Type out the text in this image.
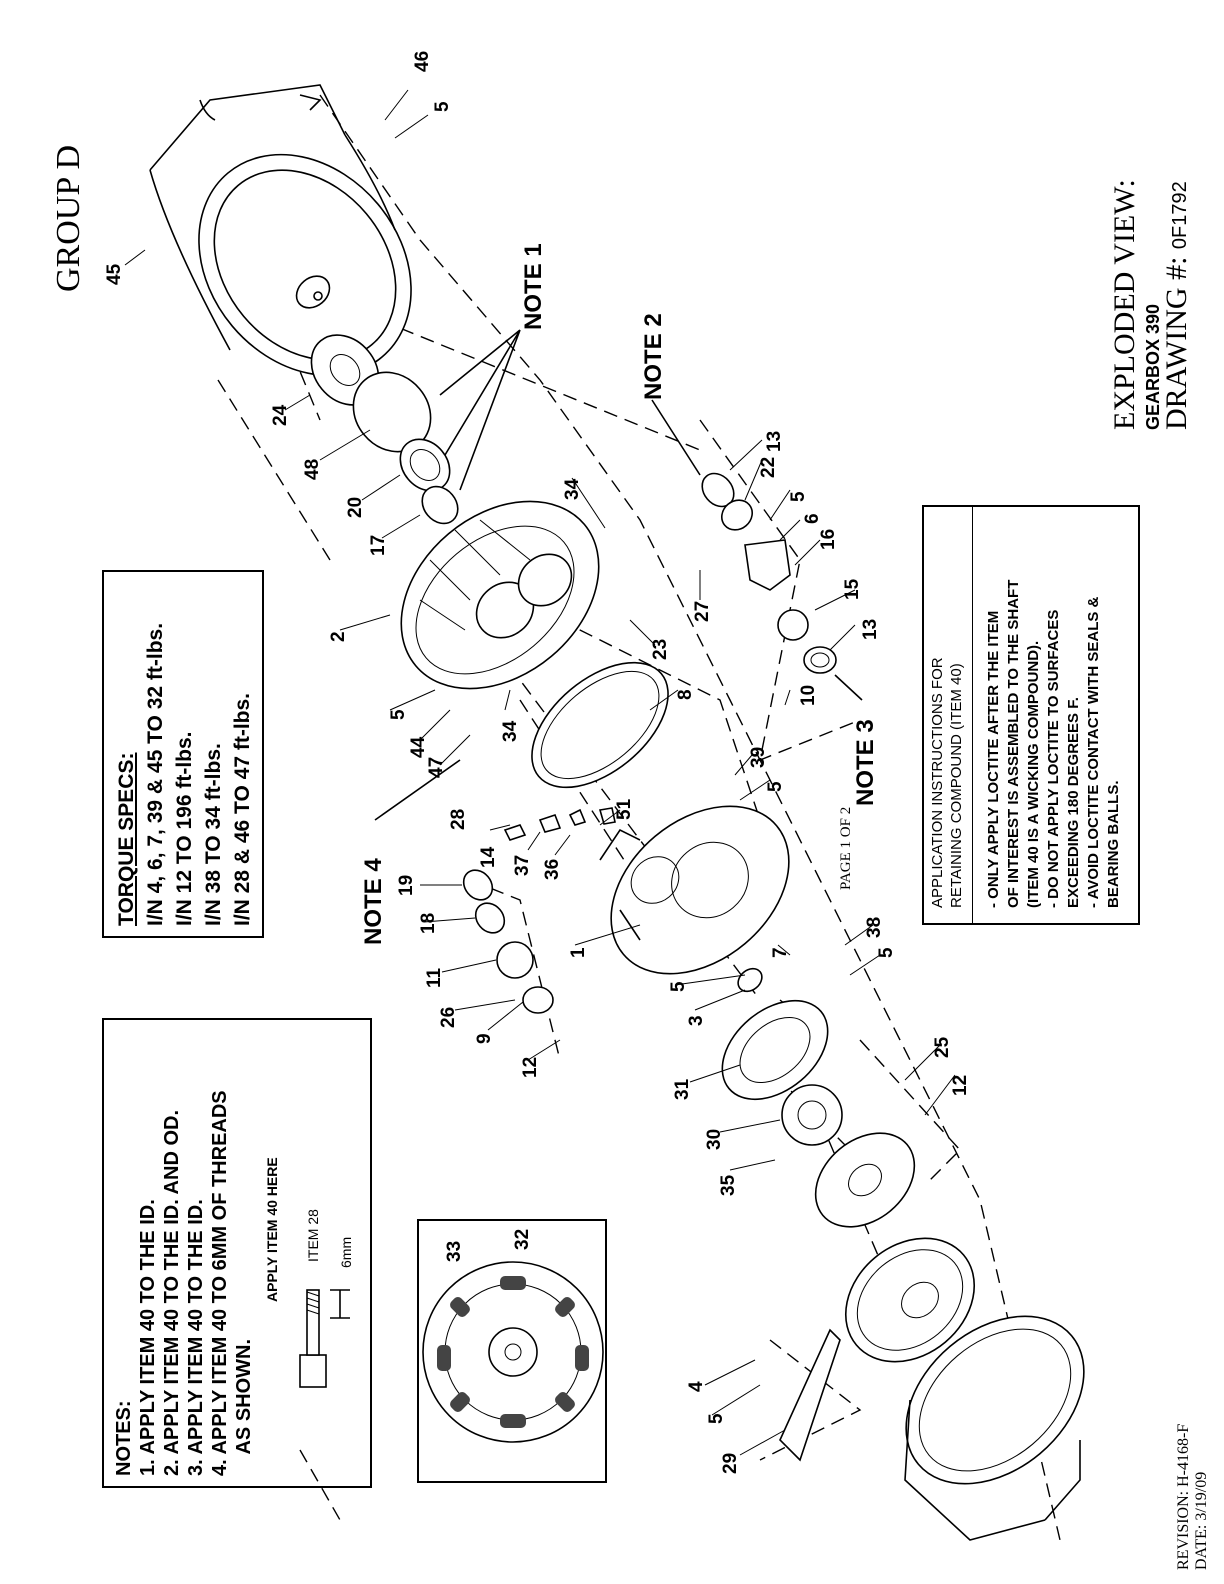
EXPLODED VIEW: GEARBOX 390
DRAWING #: 0F1792
GROUP D
PAGE 1 OF 2
REVISION: H-4168-F DATE: 3/19/09
TORQUE SPECS: I/N 4, 6, 7, 39 & 45 TO 32 ft-lbs. I/N 12 TO 196 ft-lbs. I/N 38 TO 34 ft-lbs. I/N 28 & 46 TO 47 ft-lbs.
NOTES: 1. APPLY ITEM 40 TO THE ID. 2. APPLY ITEM 40 TO THE ID. AND OD. 3. APPLY ITEM 40 TO THE ID. 4. APPLY ITEM 40 TO 6MM OF THREADS AS SHOWN.
APPLY ITEM 40 HERE ITEM 28 6mm
APPLICATION INSTRUCTIONS FOR RETAINING COMPOUND (ITEM 40) - ONLY APPLY LOCTITE AFTER THE ITEM OF INTEREST IS ASSEMBLED TO THE SHAFT (ITEM 40 IS A WICKING COMPOUND). - DO NOT APPLY LOCTITE TO SURFACES EXCEEDING 180 DEGREES F. - AVOID LOCTITE CONTACT WITH SEALS & BEARING BALLS.
NOTE 1
NOTE 2
NOTE 3
NOTE 4
46
5
45
24
48
20
17
34
2
5
44
47
28
34
23
27
13
22
5
6
16
15
13
10
8
39
5
51
14 37 36
19
18
11
26
9
12
1
5
7
3
38
5
31
30
35
25
12
33
32
4
5
29
